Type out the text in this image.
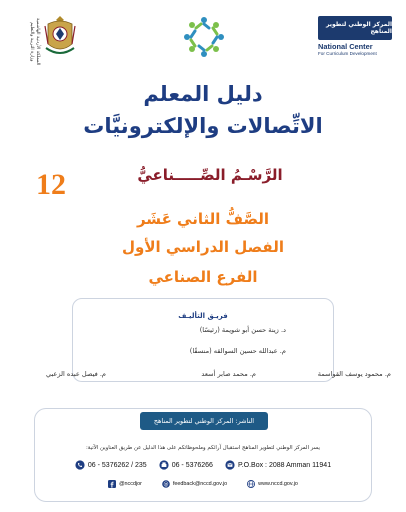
المركز الوطني لتطوير المناهج
National Center
For Curriculum Development
المملكة الأردنية الهاشمية وزارة التربية والتعليم
دليل المعلم
الاتِّصالات والإلكترونيَّات
12	الرَّسْـمُ الصِّـــــناعيُّ
الصَّفُّ الثاني عَشَر
الفصل الدراسي الأول
الفرع الصناعي
فريـق التأليـف
د. زينة حسن أبو شويمة (رئيسًا)
م. عبدالله حسين السوالقه (منسقًا)
م. محمود يوسف القواسمة
م. محمد صابر أسعد
م. فيصل عبده الزعبي
الناشر: المركز الوطني لتطوير المناهج
يسر المركز الوطني لتطوير المناهج استقبال آرائكم وملحوظاتكم على هذا الدليل عن طريق العناوين الآتية:
06 - 5376262 / 235	06 - 5376266	P.O.Box : 2088 Amman 11941
@nccdjor	@ feedback@nccd.gov.jo	www.nccd.gov.jo
